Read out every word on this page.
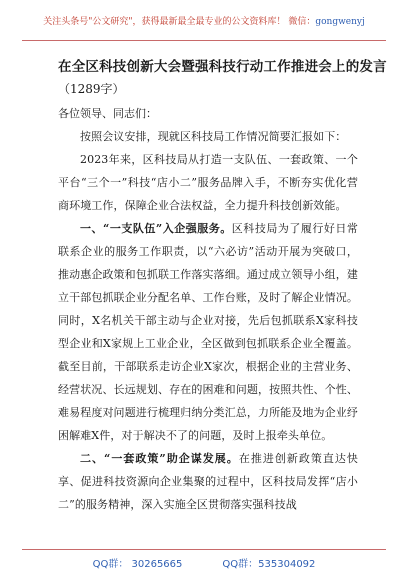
关注头条号"公文研究"，获得最新最全最专业的公文资料库！ 微信：gongwenyj
在全区科技创新大会暨强科技行动工作推进会上的发言
（1289字）
各位领导、同志们：

按照会议安排，现就区科技局工作情况简要汇报如下：

2023年来，区科技局从打造一支队伍、一套政策、一个平台“三个一”科技“店小二”服务品牌入手，不断夯实优化营商环境工作，保障企业合法权益，全力提升科技创新效能。

一、“一支队伍”入企强服务。区科技局为了履行好日常联系企业的服务工作职责，以“六必访”活动开展为突破口，推动惠企政策和包抓联工作落实落细。通过成立领导小组，建立干部包抓联企业分配名单、工作台账，及时了解企业情况。同时，X名机关干部主动与企业对接，先后包抓联系X家科技型企业和X家规上工业企业，全区做到包抓联系企业全覆盖。截至目前，干部联系走访企业X家次，根据企业的主营业务、经营状况、长远规划、存在的困难和问题，按照共性、个性、难易程度对问题进行梳理归纳分类汇总，力所能及地为企业纾困解难X件，对于解决不了的问题，及时上报牵头单位。

二、“一套政策”助企谋发展。在推进创新政策直达快享、促进科技资源向企业集聚的过程中，区科技局发挥“店小二”的服务精神，深入实施全区贯彻落实强科技战

QQ群： 30265665	QQ群：535304092
